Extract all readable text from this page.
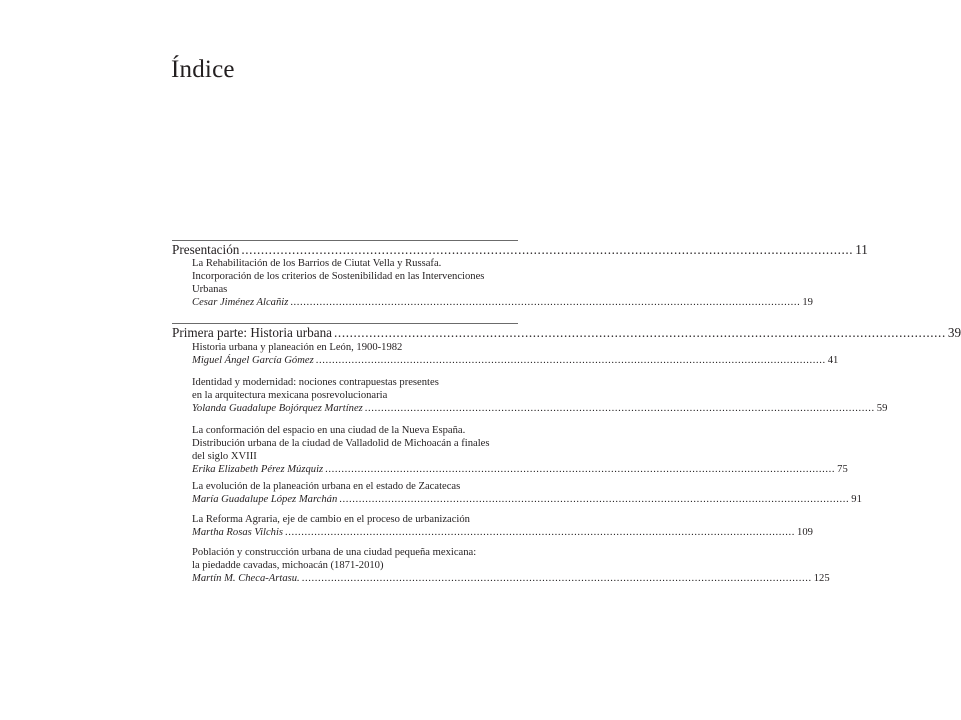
Índice
Presentación ............................................................................................................................................................. 11
La Rehabilitación de los Barrios de Ciutat Vella y Russafa.
Incorporación de los criterios de Sostenibilidad en las Intervenciones
Urbanas
Cesar Jiménez Alcañiz ............................................................................................................................................................. 19
Primera parte: Historia urbana ............................................................................................................................................................. 39
Historia urbana y planeación en León, 1900-1982
Miguel Ángel García Gómez ............................................................................................................................................................. 41
Identidad y modernidad: nociones contrapuestas presentes
en la arquitectura mexicana posrevolucionaria
Yolanda Guadalupe Bojórquez Martínez ............................................................................................................................................................. 59
La conformación del espacio en una ciudad de la Nueva España.
Distribución urbana de la ciudad de Valladolid de Michoacán a finales
del siglo XVIII
Erika Elizabeth Pérez Múzquiz ............................................................................................................................................................. 75
La evolución de la planeación urbana en el estado de Zacatecas
María Guadalupe López Marchán ............................................................................................................................................................. 91
La Reforma Agraria, eje de cambio en el proceso de urbanización
Martha Rosas Vilchis ............................................................................................................................................................. 109
Población y construcción urbana de una ciudad pequeña mexicana:
la piedadde cavadas, michoacán (1871-2010)
Martín M. Checa-Artasu. ............................................................................................................................................................. 125
